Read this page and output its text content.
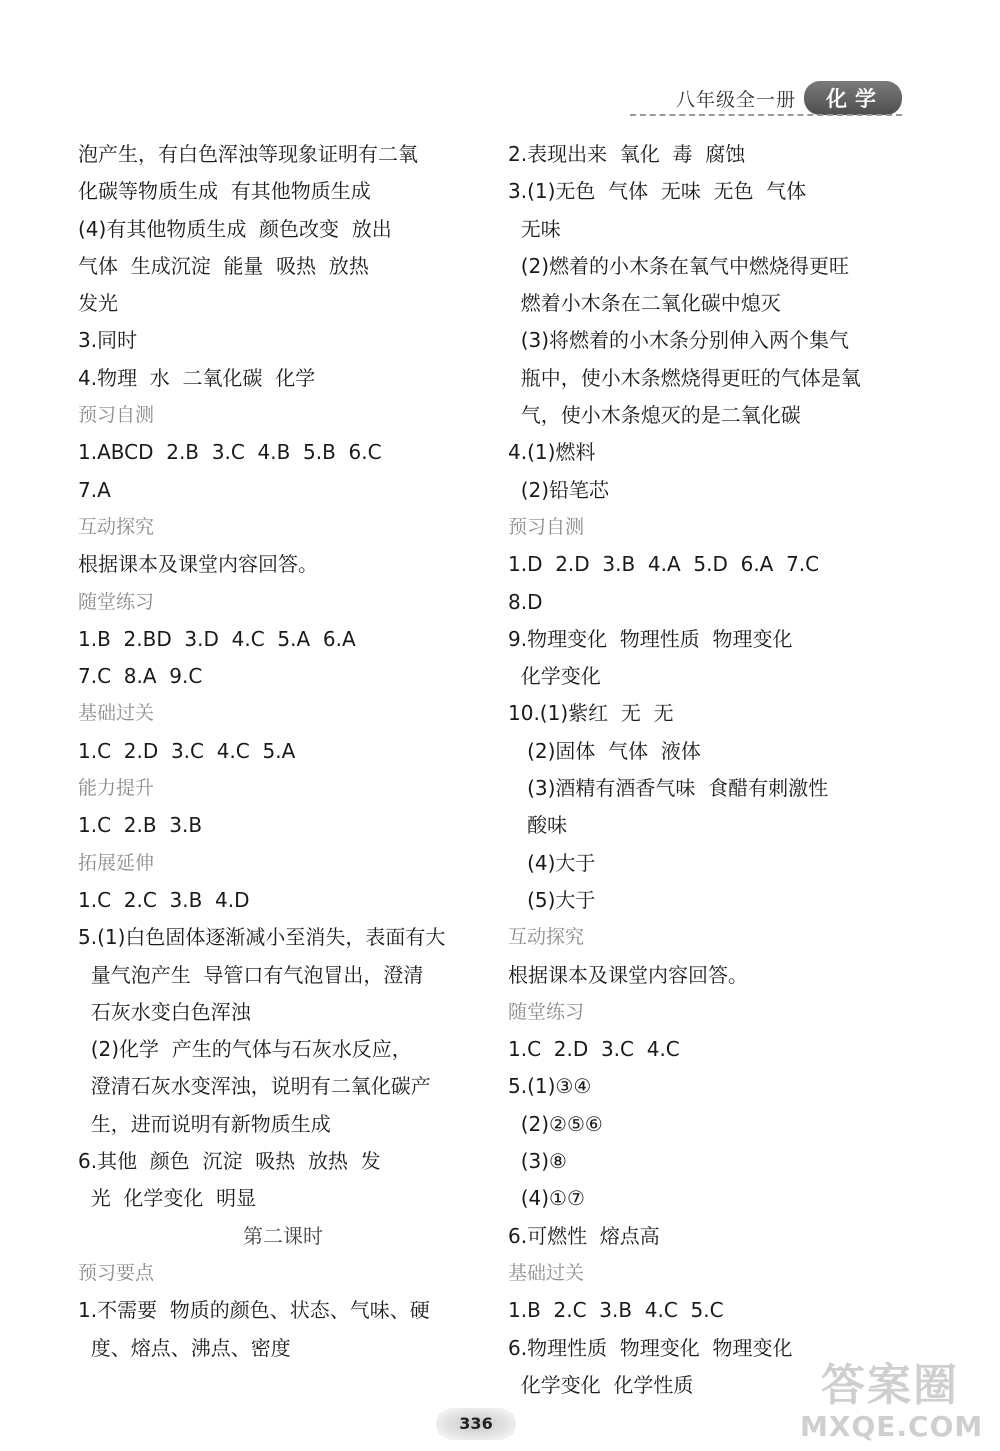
八年级全一册	化学
泡产生，有白色浑浊等现象证明有二氧
化碳等物质生成  有其他物质生成
(4)有其他物质生成  颜色改变  放出
气体  生成沉淀  能量  吸热  放热
发光
3.同时
4.物理  水  二氧化碳  化学
预习自测
1.ABCD  2.B  3.C  4.B  5.B  6.C
7.A
互动探究
根据课本及课堂内容回答。
随堂练习
1.B  2.BD  3.D  4.C  5.A  6.A
7.C  8.A  9.C
基础过关
1.C  2.D  3.C  4.C  5.A
能力提升
1.C  2.B  3.B
拓展延伸
1.C  2.C  3.B  4.D
5.(1)白色固体逐渐减小至消失，表面有大
量气泡产生  导管口有气泡冒出，澄清
石灰水变白色浑浊
(2)化学  产生的气体与石灰水反应，
澄清石灰水变浑浊，说明有二氧化碳产
生，进而说明有新物质生成
6.其他  颜色  沉淀  吸热  放热  发
光  化学变化  明显
第二课时
预习要点
1.不需要  物质的颜色、状态、气味、硬
度、熔点、沸点、密度
2.表现出来  氧化  毒  腐蚀
3.(1)无色  气体  无味  无色  气体
无味
(2)燃着的小木条在氧气中燃烧得更旺
燃着小木条在二氧化碳中熄灭
(3)将燃着的小木条分别伸入两个集气
瓶中，使小木条燃烧得更旺的气体是氧
气，使小木条熄灭的是二氧化碳
4.(1)燃料
(2)铅笔芯
预习自测
1.D  2.D  3.B  4.A  5.D  6.A  7.C
8.D
9.物理变化  物理性质  物理变化
化学变化
10.(1)紫红  无  无
(2)固体  气体  液体
(3)酒精有酒香气味  食醋有刺激性
酸味
(4)大于
(5)大于
互动探究
根据课本及课堂内容回答。
随堂练习
1.C  2.D  3.C  4.C
5.(1)③④
(2)②⑤⑥
(3)⑧
(4)①⑦
6.可燃性  熔点高
基础过关
1.B  2.C  3.B  4.C  5.C
6.物理性质  物理变化  物理变化
化学变化  化学性质
336
答案圈
MXQE.COM
